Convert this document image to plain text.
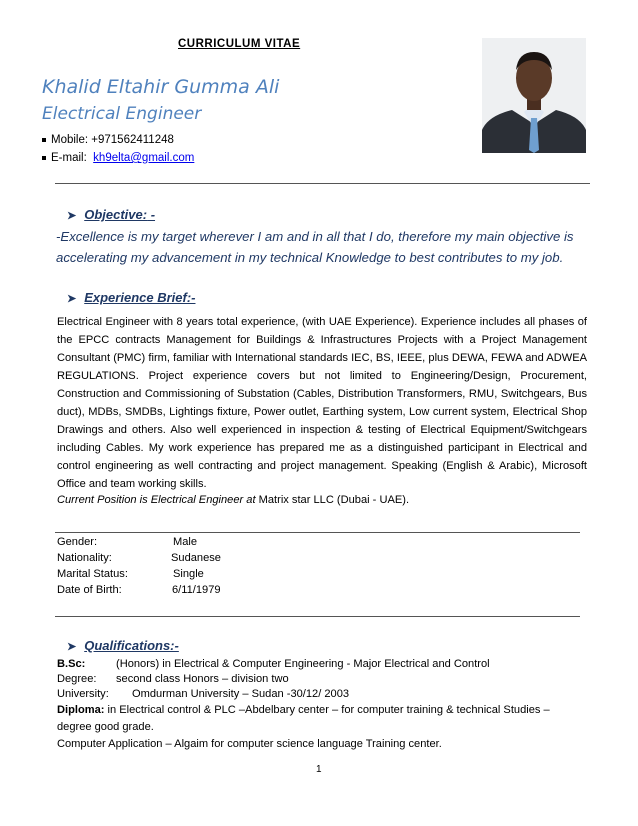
CURRICULUM VITAE
Khalid Eltahir Gumma Ali
Electrical Engineer
Mobile: +971562411248
E-mail: kh9elta@gmail.com
➤ Objective: -
-Excellence is my target wherever I am and in all that I do, therefore my main objective is accelerating my advancement in my technical Knowledge to best contributes to my job.
➤ Experience Brief:-
Electrical Engineer with 8 years total experience, (with UAE Experience). Experience includes all phases of the EPCC contracts Management for Buildings & Infrastructures Projects with a Project Management Consultant (PMC) firm, familiar with International standards IEC, BS, IEEE, plus DEWA, FEWA and ADWEA REGULATIONS. Project experience covers but not limited to Engineering/Design, Procurement, Construction and Commissioning of Substation (Cables, Distribution Transformers, RMU, Switchgears, Bus duct), MDBs, SMDBs, Lightings fixture, Power outlet, Earthing system, Low current system, Electrical Shop Drawings and others. Also well experienced in inspection & testing of Electrical Equipment/Switchgears including Cables. My work experience has prepared me as a distinguished participant in Electrical and control engineering as well contracting and project management. Speaking (English & Arabic), Microsoft Office and team working skills.
Current Position is Electrical Engineer at Matrix star LLC (Dubai - UAE).
Gender:	Male
Nationality:	Sudanese
Marital Status:	Single
Date of Birth:	6/11/1979
➤ Qualifications:-
B.Sc:	(Honors) in Electrical & Computer Engineering - Major Electrical and Control
Degree: second class Honors – division two
University: Omdurman University – Sudan -30/12/ 2003
Diploma: in Electrical control & PLC –Abdelbary center – for computer training & technical Studies –
degree good grade.
Computer Application – Algaim for computer science language Training center.
1
